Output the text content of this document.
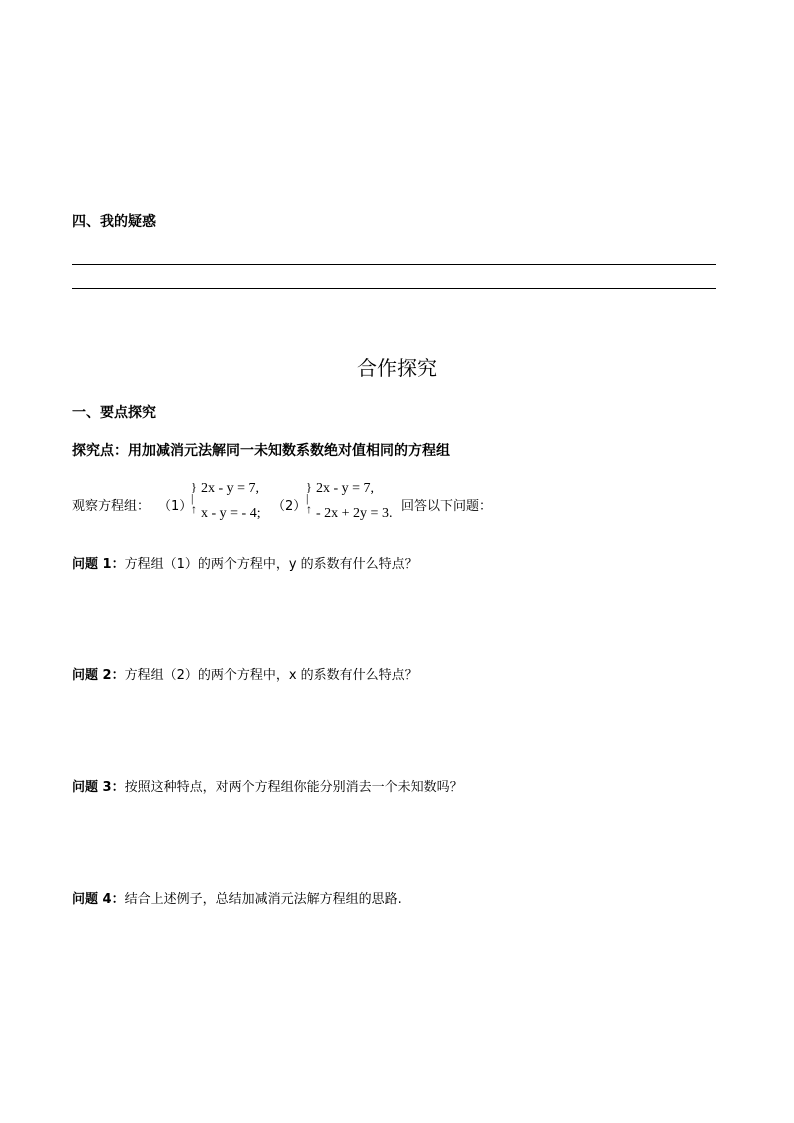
四、我的疑惑
合作探究
一、要点探究
探究点：用加减消元法解同一未知数系数绝对值相同的方程组
观察方程组： （1）
}
|
↑
2x - y = 7,
x - y = - 4; （2）
}
|
↑
2x - y = 7,
- 2x + 2y = 3. 回答以下问题：
问题 1：方程组（1）的两个方程中，y 的系数有什么特点？
问题 2：方程组（2）的两个方程中，x 的系数有什么特点？
问题 3：按照这种特点，对两个方程组你能分别消去一个未知数吗？
问题 4：结合上述例子，总结加减消元法解方程组的思路.
